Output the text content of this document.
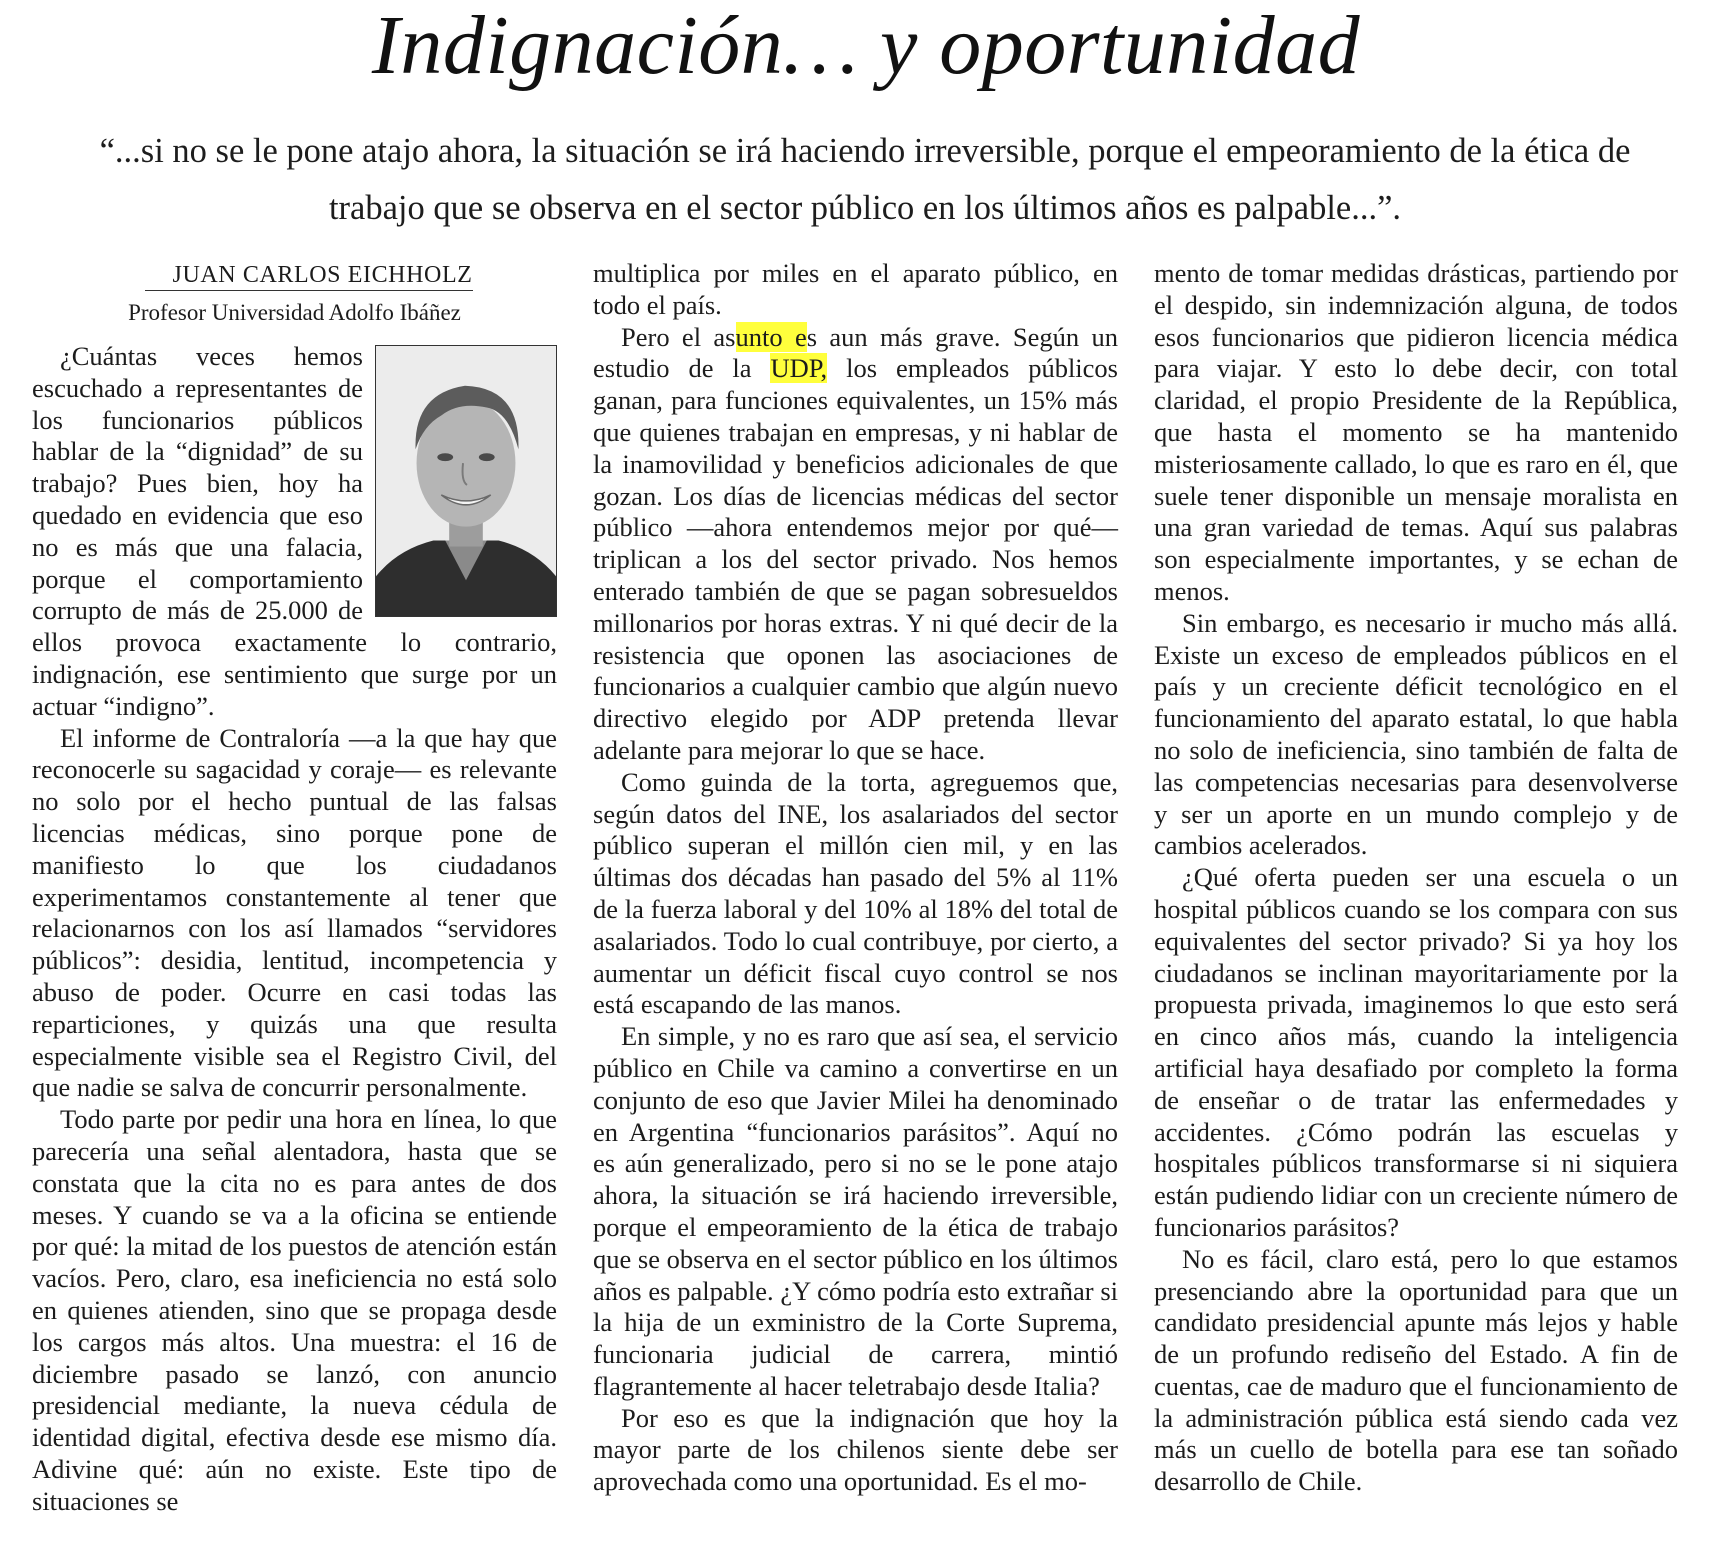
Indignación… y oportunidad
“...si no se le pone atajo ahora, la situación se irá haciendo irreversible, porque el empeoramiento de la ética de trabajo que se observa en el sector público en los últimos años es palpable...”.

JUAN CARLOS EICHHOLZ

Profesor Universidad Adolfo Ibáñez

¿Cuántas veces hemos escuchado a representantes de los funcionarios públicos hablar de la “dignidad” de su trabajo? Pues bien, hoy ha quedado en evidencia que eso no es más que una falacia, porque el comportamiento corrupto de más de 25.000 de ellos provoca exactamente lo contrario, indignación, ese sentimiento que surge por un actuar “indigno”.

El informe de Contraloría —a la que hay que reconocerle su sagacidad y coraje— es relevante no solo por el hecho puntual de las falsas licencias médicas, sino porque pone de manifiesto lo que los ciudadanos experimentamos constantemente al tener que relacionarnos con los así llamados “servidores públicos”: desidia, lentitud, incompetencia y abuso de poder. Ocurre en casi todas las reparticiones, y quizás una que resulta especialmente visible sea el Registro Civil, del que nadie se salva de concurrir personalmente.

Todo parte por pedir una hora en línea, lo que parecería una señal alentadora, hasta que se constata que la cita no es para antes de dos meses. Y cuando se va a la oficina se entiende por qué: la mitad de los puestos de atención están vacíos. Pero, claro, esa ineficiencia no está solo en quienes atienden, sino que se propaga desde los cargos más altos. Una muestra: el 16 de diciembre pasado se lanzó, con anuncio presidencial mediante, la nueva cédula de identidad digital, efectiva desde ese mismo día. Adivine qué: aún no existe. Este tipo de situaciones se

multiplica por miles en el aparato público, en todo el país.

Pero el asunto es aun más grave. Según un estudio de la UDP, los empleados públicos ganan, para funciones equivalentes, un 15% más que quienes trabajan en empresas, y ni hablar de la inamovilidad y beneficios adicionales de que gozan. Los días de licencias médicas del sector público —ahora entendemos mejor por qué— triplican a los del sector privado. Nos hemos enterado también de que se pagan sobresueldos millonarios por horas extras. Y ni qué decir de la resistencia que oponen las asociaciones de funcionarios a cualquier cambio que algún nuevo directivo elegido por ADP pretenda llevar adelante para mejorar lo que se hace.

Como guinda de la torta, agreguemos que, según datos del INE, los asalariados del sector público superan el millón cien mil, y en las últimas dos décadas han pasado del 5% al 11% de la fuerza laboral y del 10% al 18% del total de asalariados. Todo lo cual contribuye, por cierto, a aumentar un déficit fiscal cuyo control se nos está escapando de las manos.

En simple, y no es raro que así sea, el servicio público en Chile va camino a convertirse en un conjunto de eso que Javier Milei ha denominado en Argentina “funcionarios parásitos”. Aquí no es aún generalizado, pero si no se le pone atajo ahora, la situación se irá haciendo irreversible, porque el empeoramiento de la ética de trabajo que se observa en el sector público en los últimos años es palpable. ¿Y cómo podría esto extrañar si la hija de un exministro de la Corte Suprema, funcionaria judicial de carrera, mintió flagrantemente al hacer teletrabajo desde Italia?

Por eso es que la indignación que hoy la mayor parte de los chilenos siente debe ser aprovechada como una oportunidad. Es el mo-

mento de tomar medidas drásticas, partiendo por el despido, sin indemnización alguna, de todos esos funcionarios que pidieron licencia médica para viajar. Y esto lo debe decir, con total claridad, el propio Presidente de la República, que hasta el momento se ha mantenido misteriosamente callado, lo que es raro en él, que suele tener disponible un mensaje moralista en una gran variedad de temas. Aquí sus palabras son especialmente importantes, y se echan de menos.

Sin embargo, es necesario ir mucho más allá. Existe un exceso de empleados públicos en el país y un creciente déficit tecnológico en el funcionamiento del aparato estatal, lo que habla no solo de ineficiencia, sino también de falta de las competencias necesarias para desenvolverse y ser un aporte en un mundo complejo y de cambios acelerados.

¿Qué oferta pueden ser una escuela o un hospital públicos cuando se los compara con sus equivalentes del sector privado? Si ya hoy los ciudadanos se inclinan mayoritariamente por la propuesta privada, imaginemos lo que esto será en cinco años más, cuando la inteligencia artificial haya desafiado por completo la forma de enseñar o de tratar las enfermedades y accidentes. ¿Cómo podrán las escuelas y hospitales públicos transformarse si ni siquiera están pudiendo lidiar con un creciente número de funcionarios parásitos?

No es fácil, claro está, pero lo que estamos presenciando abre la oportunidad para que un candidato presidencial apunte más lejos y hable de un profundo rediseño del Estado. A fin de cuentas, cae de maduro que el funcionamiento de la administración pública está siendo cada vez más un cuello de botella para ese tan soñado desarrollo de Chile.
